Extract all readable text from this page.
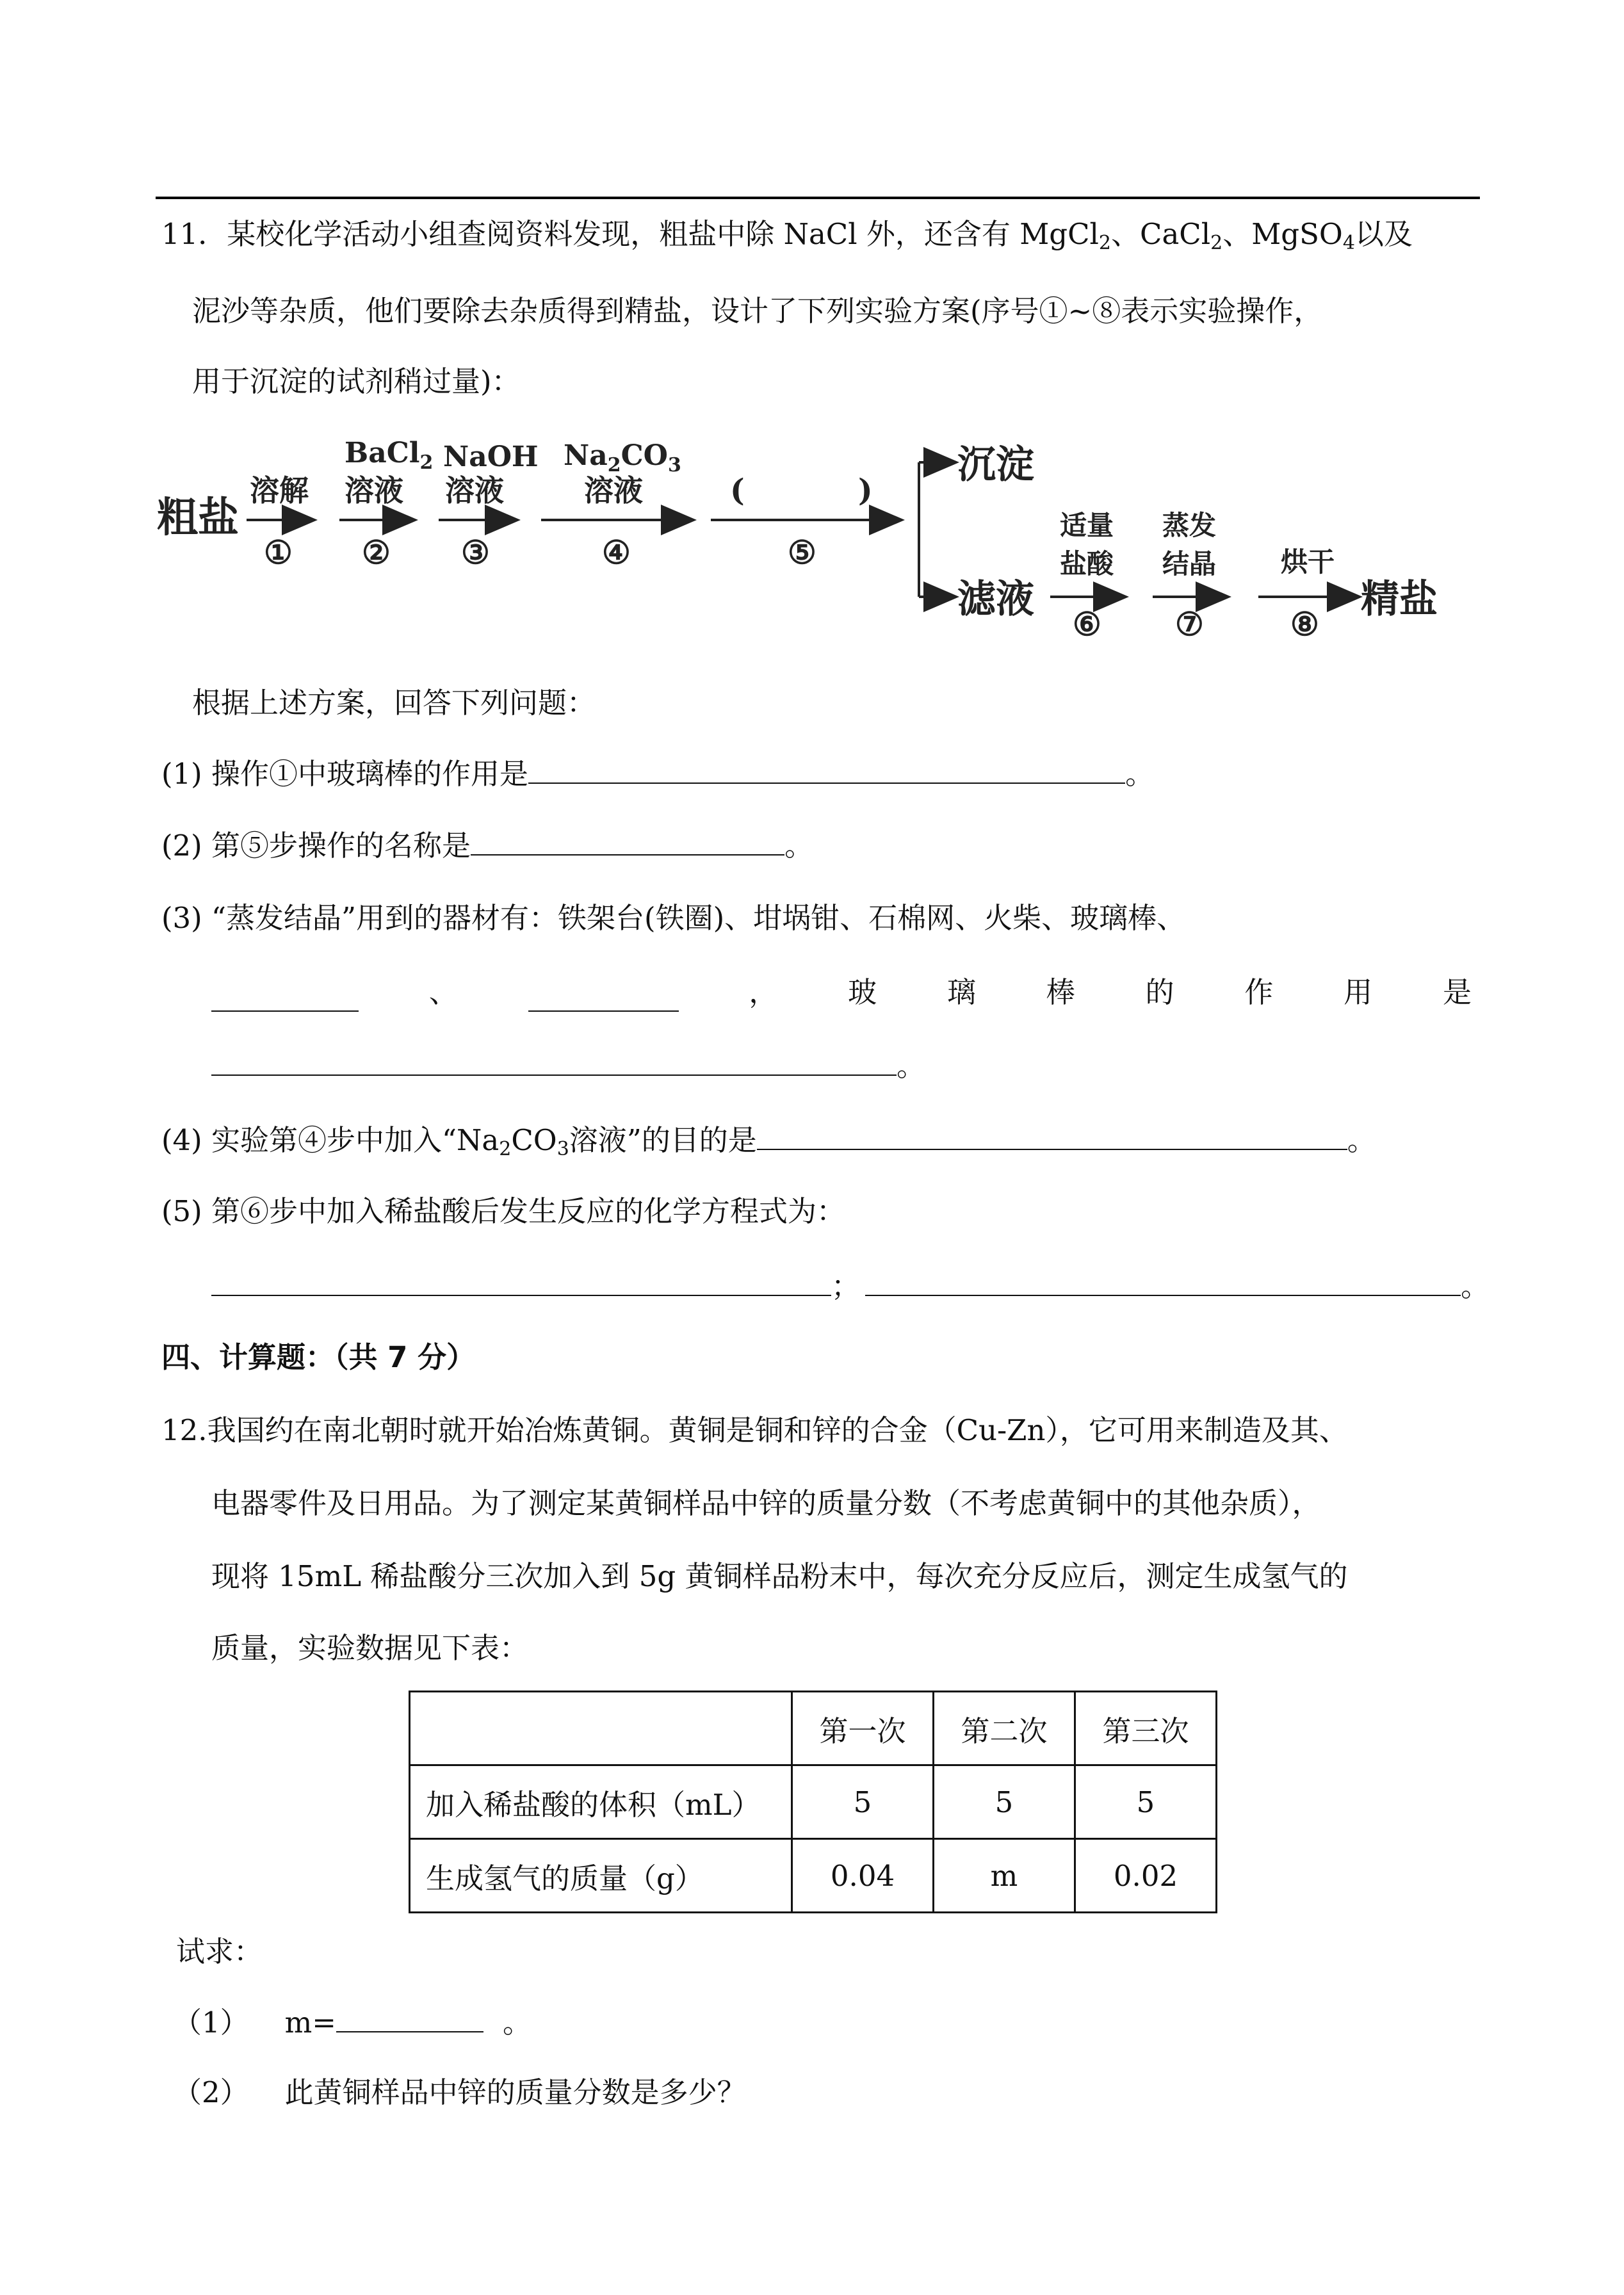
11．某校化学活动小组查阅资料发现，粗盐中除 NaCl 外，还含有 MgCl$_2$、CaCl$_2$、MgSO$_4$以及
泥沙等杂质，他们要除去杂质得到精盐，设计了下列实验方案(序号①~⑧表示实验操作，
用于沉淀的试剂稍过量)：
粗盐
溶解
①
BaCl$_2$
溶液
②
NaOH
溶液
③
$Na_2CO_3$
溶液
④
(	)
⑤
沉淀
滤液
适量
盐酸
⑥
蒸发
结晶
⑦
烘干
⑧
精盐
根据上述方案，回答下列问题：
(1) 操作①中玻璃棒的作用是	。
(2) 第⑤步操作的名称是	。
(3) “蒸发结晶”用到的器材有：铁架台(铁圈)、坩埚钳、石棉网、火柴、玻璃棒、
、	， 玻 璃 棒 的 作 用 是
。
(4) 实验第④步中加入“$Na_2CO_3$溶液”的目的是	。
(5) 第⑥步中加入稀盐酸后发生反应的化学方程式为：
；	。
四、计算题：（共 7 分）
12.我国约在南北朝时就开始冶炼黄铜。黄铜是铜和锌的合金（Cu-Zn），它可用来制造及其、
电器零件及日用品。为了测定某黄铜样品中锌的质量分数（不考虑黄铜中的其他杂质），
现将 15mL 稀盐酸分三次加入到 5g 黄铜样品粉末中，每次充分反应后，测定生成氢气的
质量，实验数据见下表：
	第一次	第二次	第三次
加入稀盐酸的体积（mL）	5	5	5
生成氢气的质量（g）	0.04	m	0.02
试求：
（1） m=	。
（2） 此黄铜样品中锌的质量分数是多少？
